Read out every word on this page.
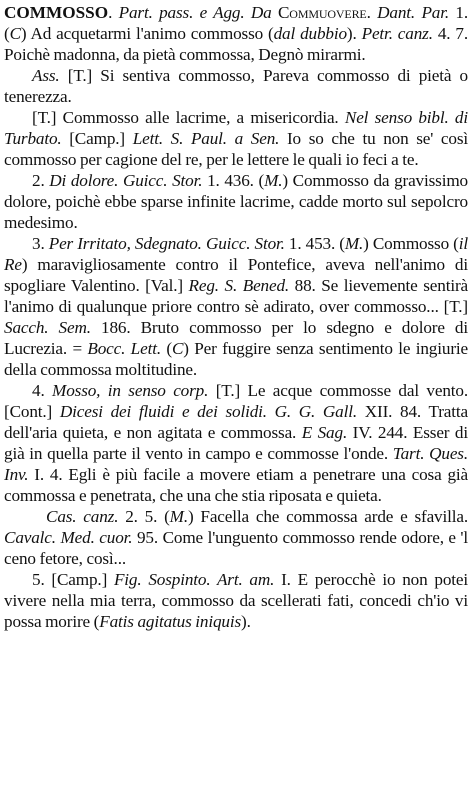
COMMOSSO. Part. pass. e Agg. Da Commuovere. Dant. Par. 1. (C) Ad acquetarmi l'animo commosso (dal dubbio). Petr. canz. 4. 7. Poichè madonna, da pietà commossa, Degnò mirarmi.

Ass. [T.] Si sentiva commosso, Pareva commosso di pietà o tenerezza.

[T.] Commosso alle lacrime, a misericordia. Nel senso bibl. di Turbato. [Camp.] Lett. S. Paul. a Sen. Io so che tu non se' così commosso per cagione del re, per le lettere le quali io feci a te.

2. Di dolore. Guicc. Stor. 1. 436. (M.) Commosso da gravissimo dolore, poichè ebbe sparse infinite lacrime, cadde morto sul sepolcro medesimo.

3. Per Irritato, Sdegnato. Guicc. Stor. 1. 453. (M.) Commosso (il Re) maravigliosamente contro il Pontefice, aveva nell'animo di spogliare Valentino. [Val.] Reg. S. Bened. 88. Se lievemente sentirà l'animo di qualunque priore contro sè adirato, over commosso... [T.] Sacch. Sem. 186. Bruto commosso per lo sdegno e dolore di Lucrezia. = Bocc. Lett. (C) Per fuggire senza sentimento le ingiurie della commossa moltitudine.

4. Mosso, in senso corp. [T.] Le acque commosse dal vento. [Cont.] Dicesi dei fluidi e dei solidi. G. G. Gall. XII. 84. Tratta dell'aria quieta, e non agitata e commossa. E Sag. IV. 244. Esser di già in quella parte il vento in campo e commosse l'onde. Tart. Ques. Inv. I. 4. Egli è più facile a movere etiam a penetrare una cosa già commossa e penetrata, che una che stia riposata e quieta.

Cas. canz. 2. 5. (M.) Facella che commossa arde e sfavilla. Cavalc. Med. cuor. 95. Come l'unguento commosso rende odore, e 'l ceno fetore, così...

5. [Camp.] Fig. Sospinto. Art. am. I. E perocchè io non potei vivere nella mia terra, commosso da scellerati fati, concedi ch'io vi possa morire (Fatis agitatus iniquis).
